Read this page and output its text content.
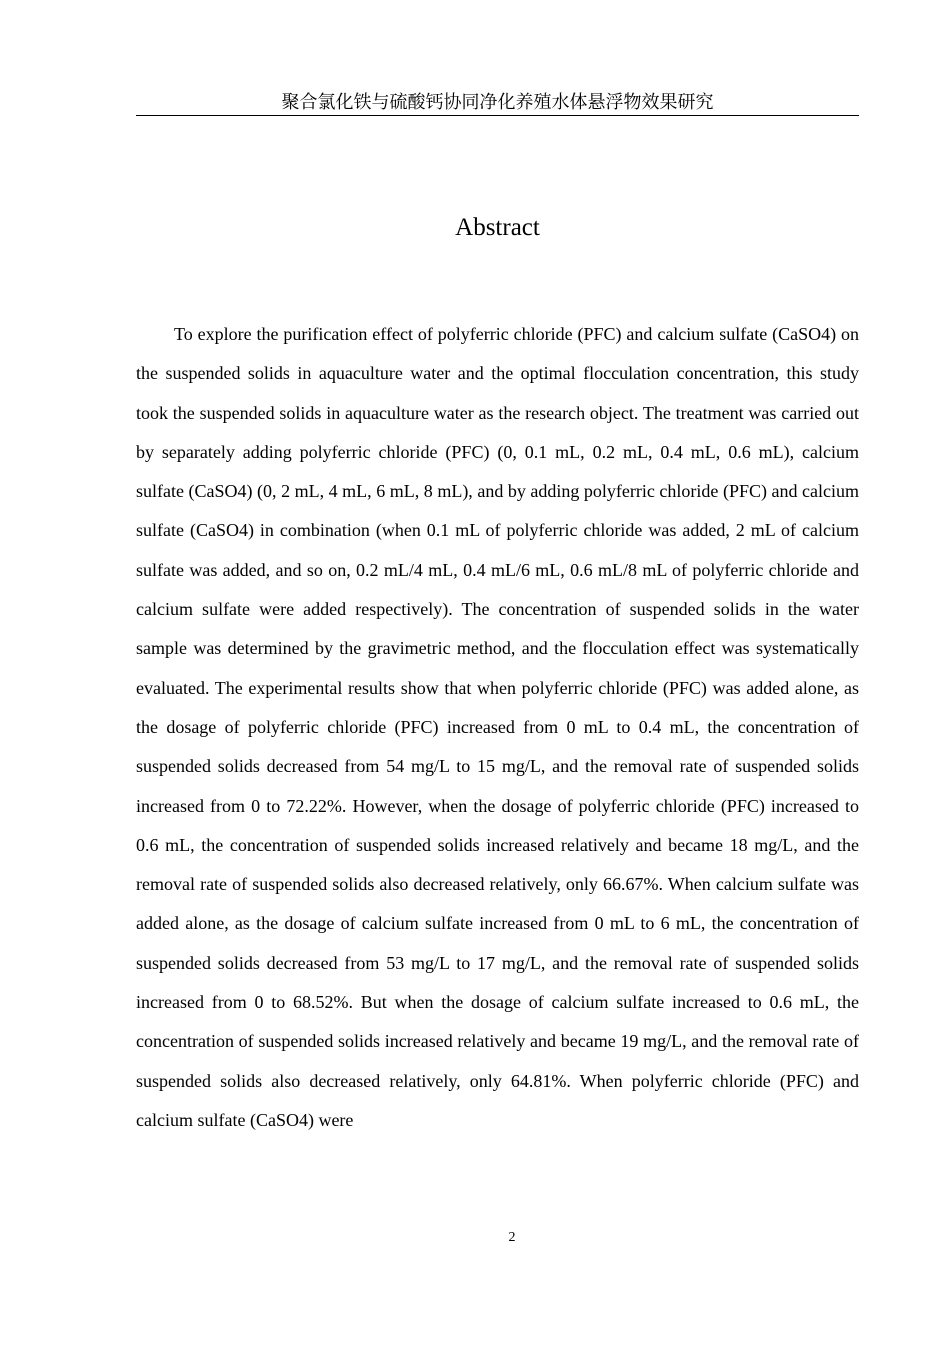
聚合氯化铁与硫酸钙协同净化养殖水体悬浮物效果研究
Abstract

To explore the purification effect of polyferric chloride (PFC) and calcium sulfate (CaSO4) on the suspended solids in aquaculture water and the optimal flocculation concentration, this study took the suspended solids in aquaculture water as the research object. The treatment was carried out by separately adding polyferric chloride (PFC) (0, 0.1 mL, 0.2 mL, 0.4 mL, 0.6 mL), calcium sulfate (CaSO4) (0, 2 mL, 4 mL, 6 mL, 8 mL), and by adding polyferric chloride (PFC) and calcium sulfate (CaSO4) in combination (when 0.1 mL of polyferric chloride was added, 2 mL of calcium sulfate was added, and so on, 0.2 mL/4 mL, 0.4 mL/6 mL, 0.6 mL/8 mL of polyferric chloride and calcium sulfate were added respectively). The concentration of suspended solids in the water sample was determined by the gravimetric method, and the flocculation effect was systematically evaluated. The experimental results show that when polyferric chloride (PFC) was added alone, as the dosage of polyferric chloride (PFC) increased from 0 mL to 0.4 mL, the concentration of suspended solids decreased from 54 mg/L to 15 mg/L, and the removal rate of suspended solids increased from 0 to 72.22%. However, when the dosage of polyferric chloride (PFC) increased to 0.6 mL, the concentration of suspended solids increased relatively and became 18 mg/L, and the removal rate of suspended solids also decreased relatively, only 66.67%. When calcium sulfate was added alone, as the dosage of calcium sulfate increased from 0 mL to 6 mL, the concentration of suspended solids decreased from 53 mg/L to 17 mg/L, and the removal rate of suspended solids increased from 0 to 68.52%. But when the dosage of calcium sulfate increased to 0.6 mL, the concentration of suspended solids increased relatively and became 19 mg/L, and the removal rate of suspended solids also decreased relatively, only 64.81%. When polyferric chloride (PFC) and calcium sulfate (CaSO4) were

2
